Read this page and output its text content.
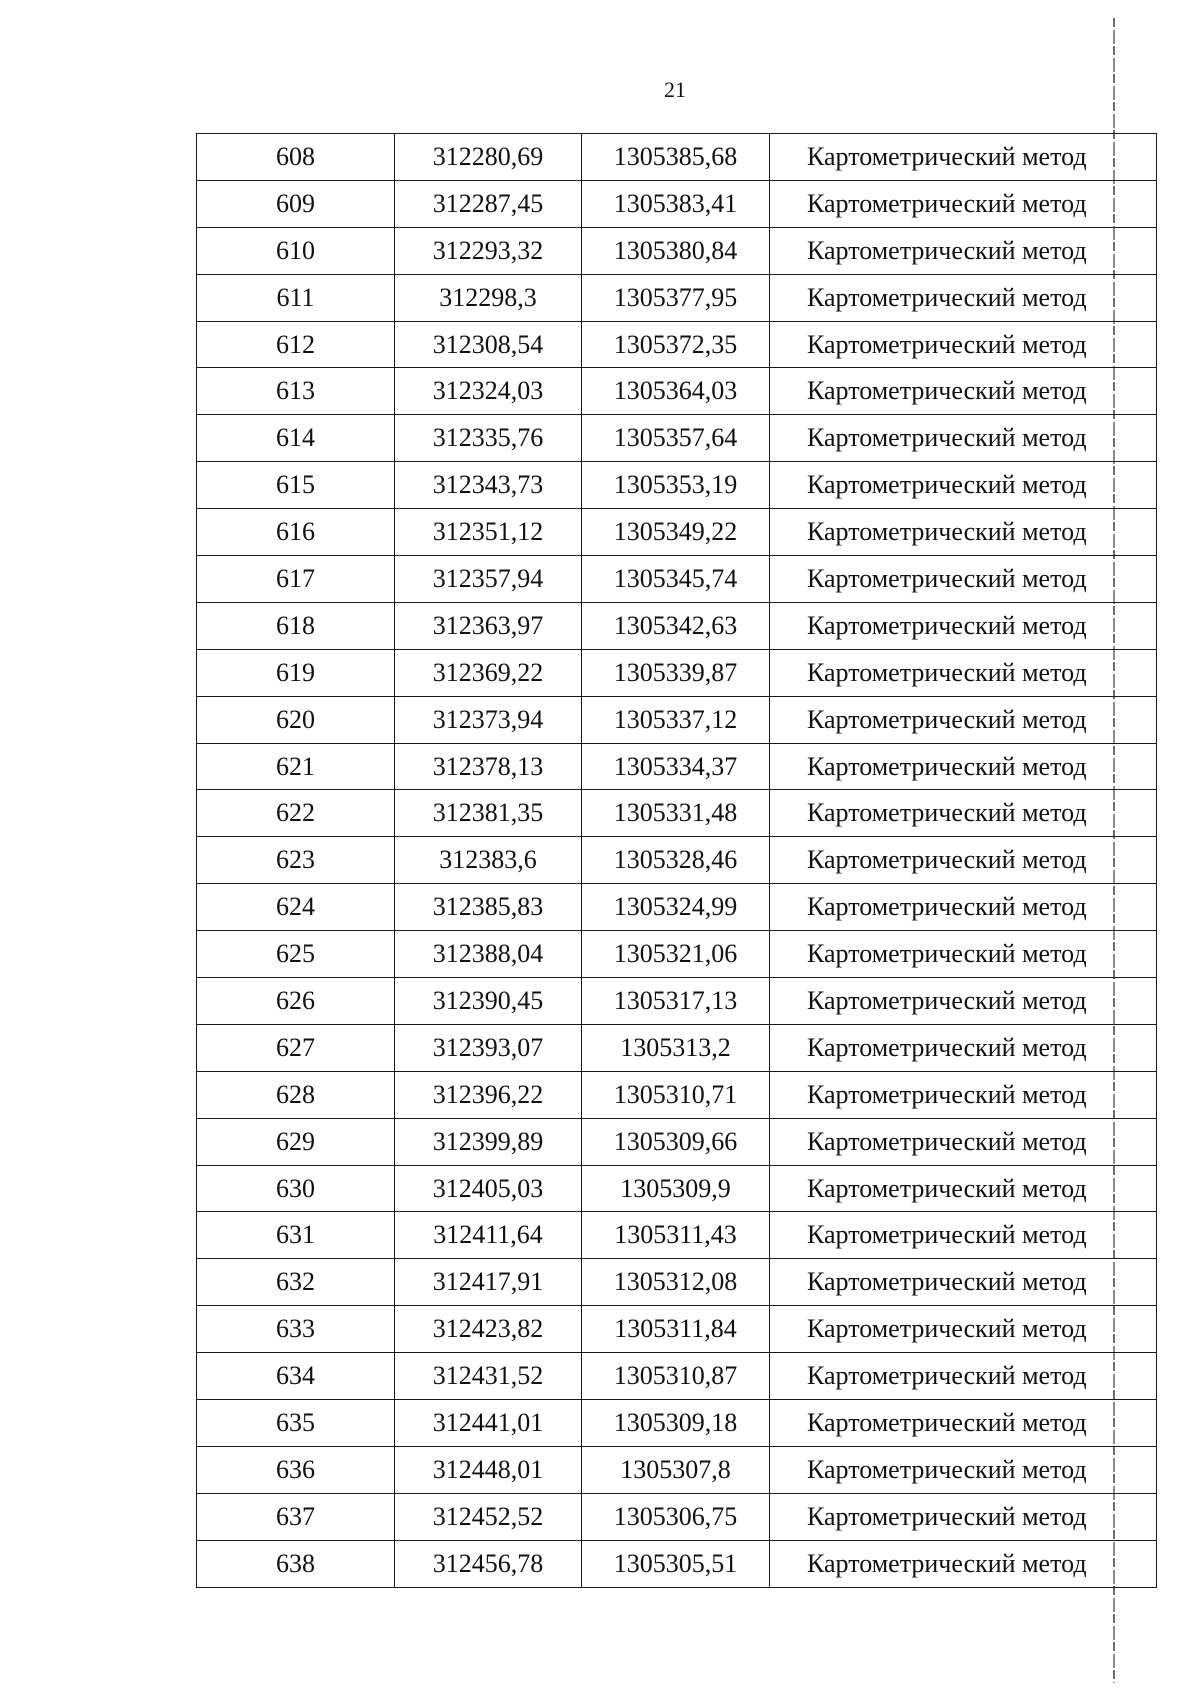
21
608	312280,69	1305385,68	Картометрический метод
609	312287,45	1305383,41	Картометрический метод
610	312293,32	1305380,84	Картометрический метод
611	312298,3	1305377,95	Картометрический метод
612	312308,54	1305372,35	Картометрический метод
613	312324,03	1305364,03	Картометрический метод
614	312335,76	1305357,64	Картометрический метод
615	312343,73	1305353,19	Картометрический метод
616	312351,12	1305349,22	Картометрический метод
617	312357,94	1305345,74	Картометрический метод
618	312363,97	1305342,63	Картометрический метод
619	312369,22	1305339,87	Картометрический метод
620	312373,94	1305337,12	Картометрический метод
621	312378,13	1305334,37	Картометрический метод
622	312381,35	1305331,48	Картометрический метод
623	312383,6	1305328,46	Картометрический метод
624	312385,83	1305324,99	Картометрический метод
625	312388,04	1305321,06	Картометрический метод
626	312390,45	1305317,13	Картометрический метод
627	312393,07	1305313,2	Картометрический метод
628	312396,22	1305310,71	Картометрический метод
629	312399,89	1305309,66	Картометрический метод
630	312405,03	1305309,9	Картометрический метод
631	312411,64	1305311,43	Картометрический метод
632	312417,91	1305312,08	Картометрический метод
633	312423,82	1305311,84	Картометрический метод
634	312431,52	1305310,87	Картометрический метод
635	312441,01	1305309,18	Картометрический метод
636	312448,01	1305307,8	Картометрический метод
637	312452,52	1305306,75	Картометрический метод
638	312456,78	1305305,51	Картометрический метод
